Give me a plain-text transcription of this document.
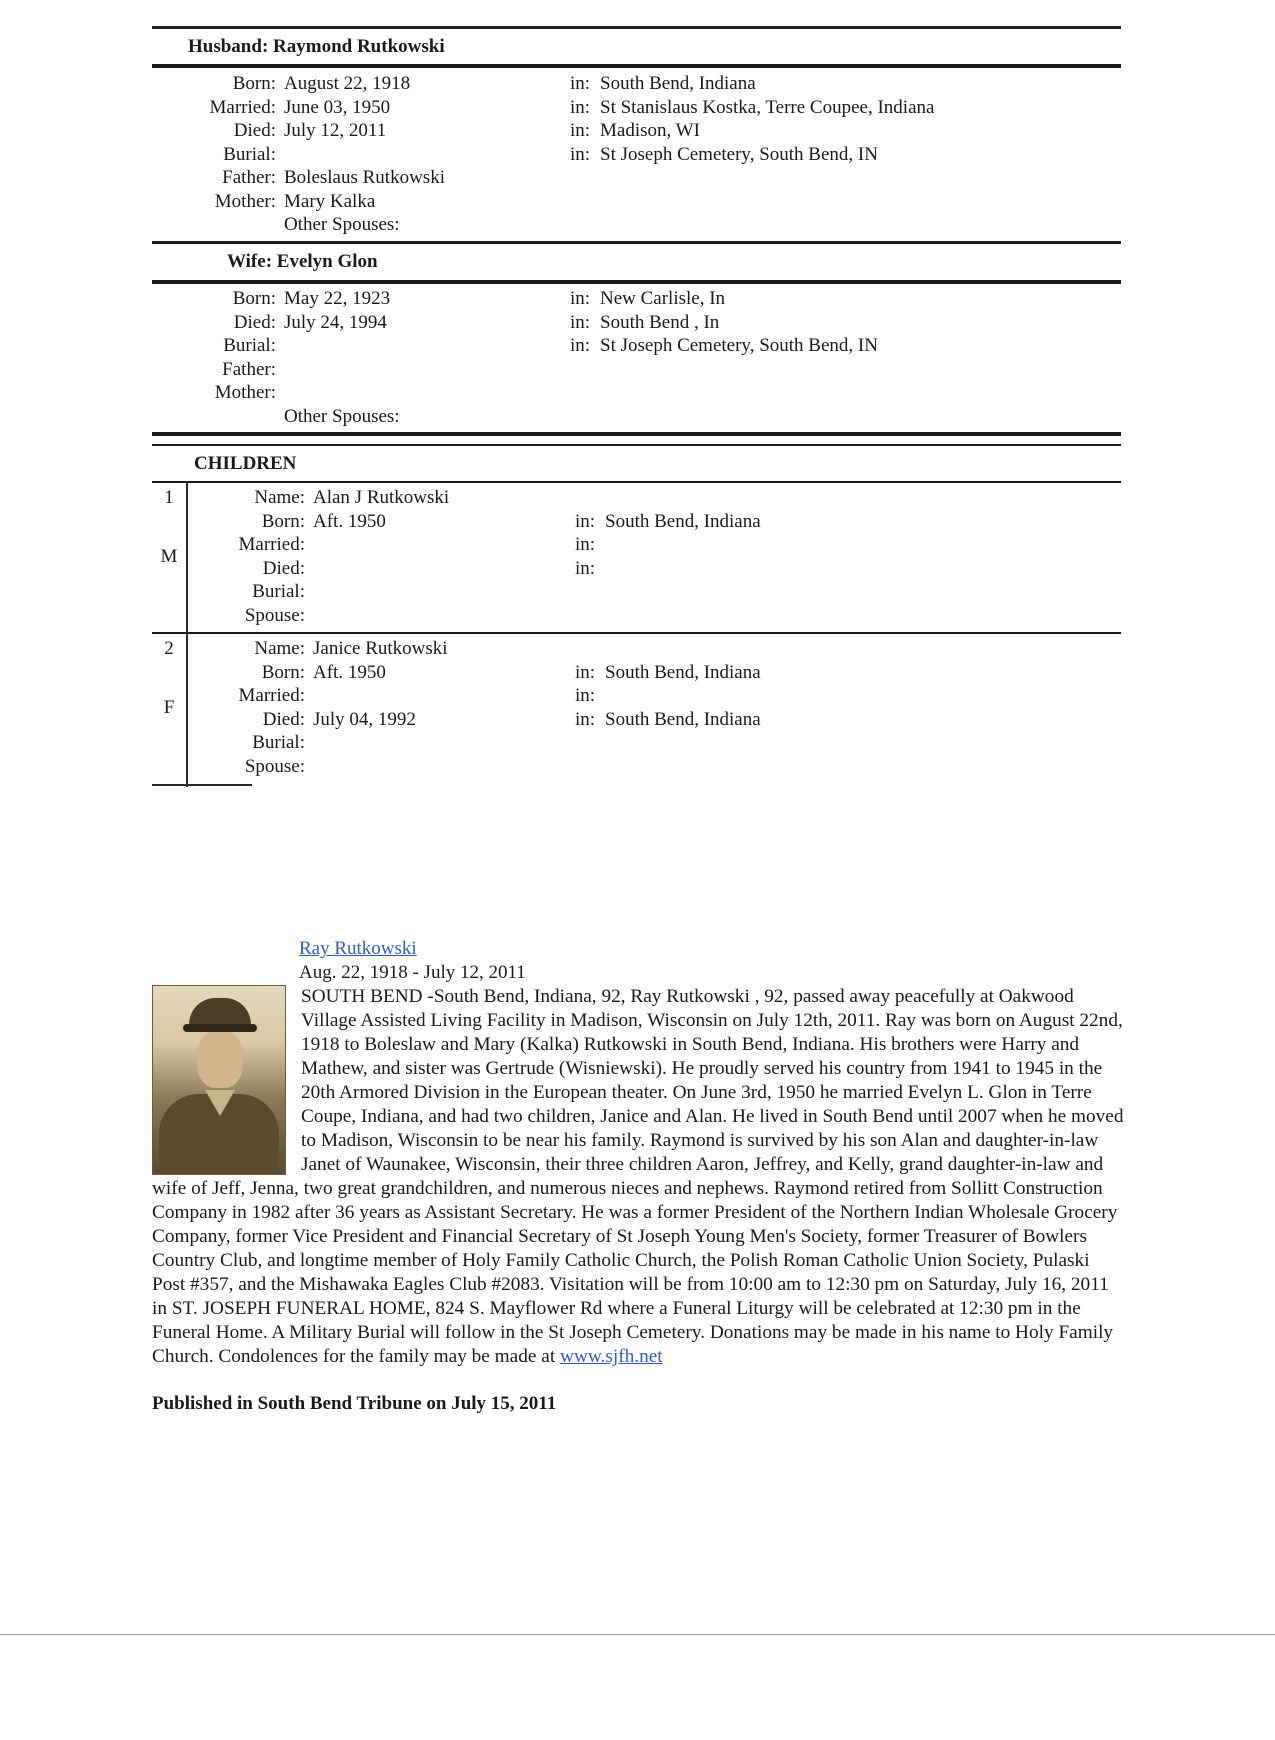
Husband: Raymond Rutkowski
Born: August 22, 1918	in: South Bend, Indiana
Married: June 03, 1950	in: St Stanislaus Kostka, Terre Coupee, Indiana
Died: July 12, 2011	in: Madison, WI
Burial:	in: St Joseph Cemetery, South Bend, IN
Father: Boleslaus Rutkowski
Mother: Mary Kalka
Other Spouses:
Wife: Evelyn Glon
Born: May 22, 1923	in: New Carlisle, In
Died: July 24, 1994	in: South Bend , In
Burial:	in: St Joseph Cemetery, South Bend, IN
Father:
Mother:
Other Spouses:
CHILDREN
1
M
Name: Alan J Rutkowski
Born: Aft. 1950	in: South Bend, Indiana
Married:	in:
Died:	in:
Burial:
Spouse:
2
F
Name: Janice Rutkowski
Born: Aft. 1950	in: South Bend, Indiana
Married:	in:
Died: July 04, 1992	in: South Bend, Indiana
Burial:
Spouse:
Ray Rutkowski
Aug. 22, 1918 - July 12, 2011
SOUTH BEND -South Bend, Indiana, 92, Ray Rutkowski , 92, passed away peacefully at Oakwood Village Assisted Living Facility in Madison, Wisconsin on July 12th, 2011. Ray was born on August 22nd, 1918 to Boleslaw and Mary (Kalka) Rutkowski in South Bend, Indiana. His brothers were Harry and Mathew, and sister was Gertrude (Wisniewski). He proudly served his country from 1941 to 1945 in the 20th Armored Division in the European theater. On June 3rd, 1950 he married Evelyn L. Glon in Terre Coupe, Indiana, and had two children, Janice and Alan. He lived in South Bend until 2007 when he moved to Madison, Wisconsin to be near his family. Raymond is survived by his son Alan and daughter-in-law Janet of Waunakee, Wisconsin, their three children Aaron, Jeffrey, and Kelly, grand daughter-in-law and wife of Jeff, Jenna, two great grandchildren, and numerous nieces and nephews. Raymond retired from Sollitt Construction Company in 1982 after 36 years as Assistant Secretary. He was a former President of the Northern Indian Wholesale Grocery Company, former Vice President and Financial Secretary of St Joseph Young Men's Society, former Treasurer of Bowlers Country Club, and longtime member of Holy Family Catholic Church, the Polish Roman Catholic Union Society, Pulaski Post #357, and the Mishawaka Eagles Club #2083. Visitation will be from 10:00 am to 12:30 pm on Saturday, July 16, 2011 in ST. JOSEPH FUNERAL HOME, 824 S. Mayflower Rd where a Funeral Liturgy will be celebrated at 12:30 pm in the Funeral Home. A Military Burial will follow in the St Joseph Cemetery. Donations may be made in his name to Holy Family Church. Condolences for the family may be made at www.sjfh.net
Published in South Bend Tribune on July 15, 2011
